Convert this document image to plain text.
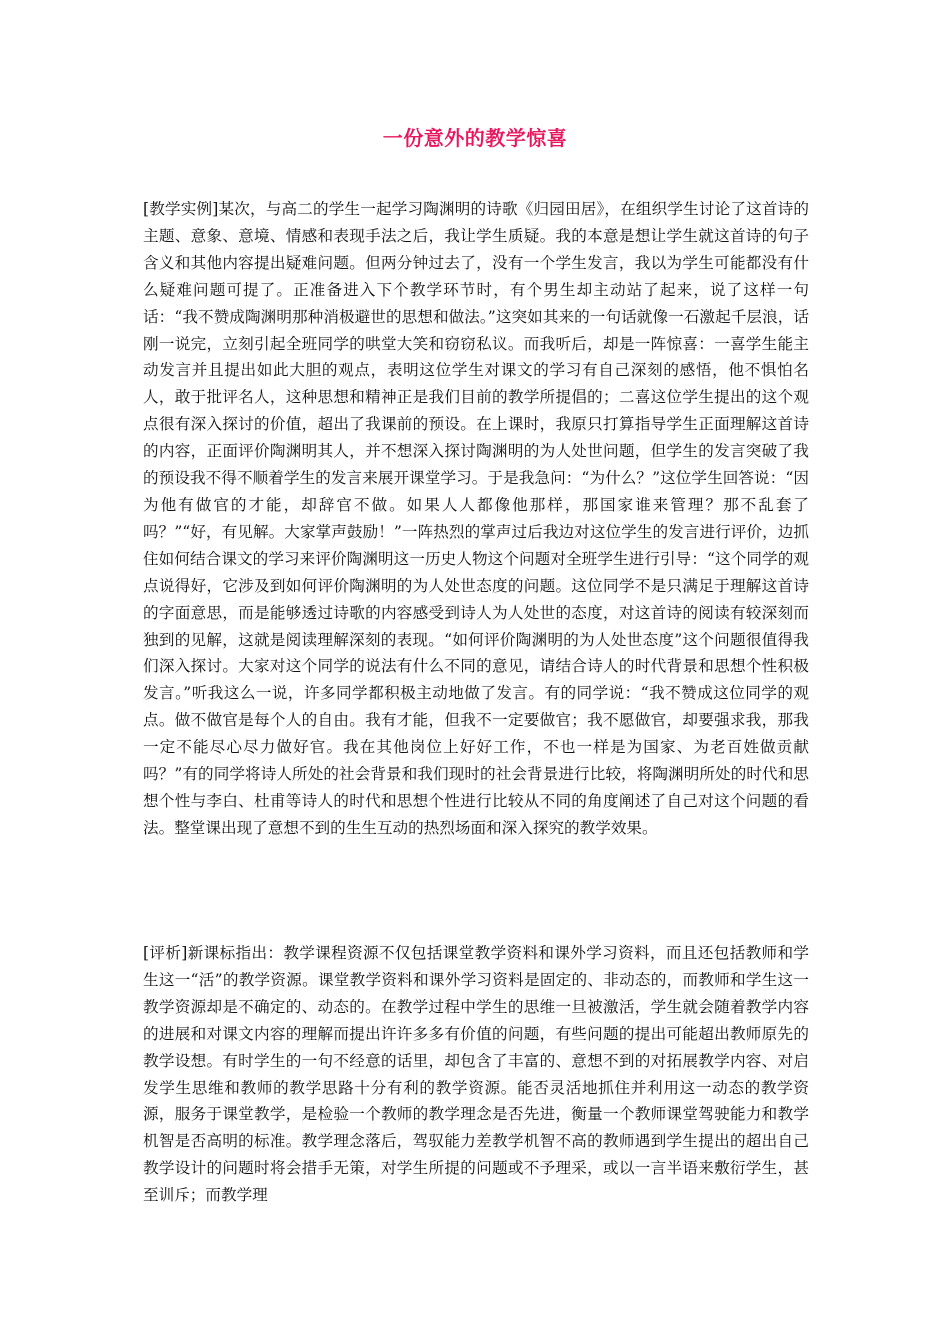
一份意外的教学惊喜

[教学实例]某次，与高二的学生一起学习陶渊明的诗歌《归园田居》，在组织学生讨论了这首诗的主题、意象、意境、情感和表现手法之后，我让学生质疑。我的本意是想让学生就这首诗的句子含义和其他内容提出疑难问题。但两分钟过去了，没有一个学生发言，我以为学生可能都没有什么疑难问题可提了。正准备进入下个教学环节时，有个男生却主动站了起来，说了这样一句话：“我不赞成陶渊明那种消极避世的思想和做法。”这突如其来的一句话就像一石激起千层浪，话刚一说完，立刻引起全班同学的哄堂大笑和窃窃私议。而我听后，却是一阵惊喜：一喜学生能主动发言并且提出如此大胆的观点，表明这位学生对课文的学习有自己深刻的感悟，他不惧怕名人，敢于批评名人，这种思想和精神正是我们目前的教学所提倡的；二喜这位学生提出的这个观点很有深入探讨的价值，超出了我课前的预设。在上课时，我原只打算指导学生正面理解这首诗的内容，正面评价陶渊明其人，并不想深入探讨陶渊明的为人处世问题，但学生的发言突破了我的预设我不得不顺着学生的发言来展开课堂学习。于是我急问：“为什么？”这位学生回答说：“因为他有做官的才能，却辞官不做。如果人人都像他那样，那国家谁来管理？那不乱套了吗？”“好，有见解。大家掌声鼓励！”一阵热烈的掌声过后我边对这位学生的发言进行评价，边抓住如何结合课文的学习来评价陶渊明这一历史人物这个问题对全班学生进行引导：“这个同学的观点说得好，它涉及到如何评价陶渊明的为人处世态度的问题。这位同学不是只满足于理解这首诗的字面意思，而是能够透过诗歌的内容感受到诗人为人处世的态度，对这首诗的阅读有较深刻而独到的见解，这就是阅读理解深刻的表现。“如何评价陶渊明的为人处世态度”这个问题很值得我们深入探讨。大家对这个同学的说法有什么不同的意见，请结合诗人的时代背景和思想个性积极发言。”听我这么一说，许多同学都积极主动地做了发言。有的同学说：“我不赞成这位同学的观点。做不做官是每个人的自由。我有才能，但我不一定要做官；我不愿做官，却要强求我，那我一定不能尽心尽力做好官。我在其他岗位上好好工作，不也一样是为国家、为老百姓做贡献吗？”有的同学将诗人所处的社会背景和我们现时的社会背景进行比较，将陶渊明所处的时代和思想个性与李白、杜甫等诗人的时代和思想个性进行比较从不同的角度阐述了自己对这个问题的看法。整堂课出现了意想不到的生生互动的热烈场面和深入探究的教学效果。

[评析]新课标指出：教学课程资源不仅包括课堂教学资料和课外学习资料，而且还包括教师和学生这一“活”的教学资源。课堂教学资料和课外学习资料是固定的、非动态的，而教师和学生这一教学资源却是不确定的、动态的。在教学过程中学生的思维一旦被激活，学生就会随着教学内容的进展和对课文内容的理解而提出许许多多有价值的问题，有些问题的提出可能超出教师原先的教学设想。有时学生的一句不经意的话里，却包含了丰富的、意想不到的对拓展教学内容、对启发学生思维和教师的教学思路十分有利的教学资源。能否灵活地抓住并利用这一动态的教学资源，服务于课堂教学，是检验一个教师的教学理念是否先进，衡量一个教师课堂驾驶能力和教学机智是否高明的标准。教学理念落后，驾驭能力差教学机智不高的教师遇到学生提出的超出自己教学设计的问题时将会措手无策，对学生所提的问题或不予理采，或以一言半语来敷衍学生，甚至训斥；而教学理
